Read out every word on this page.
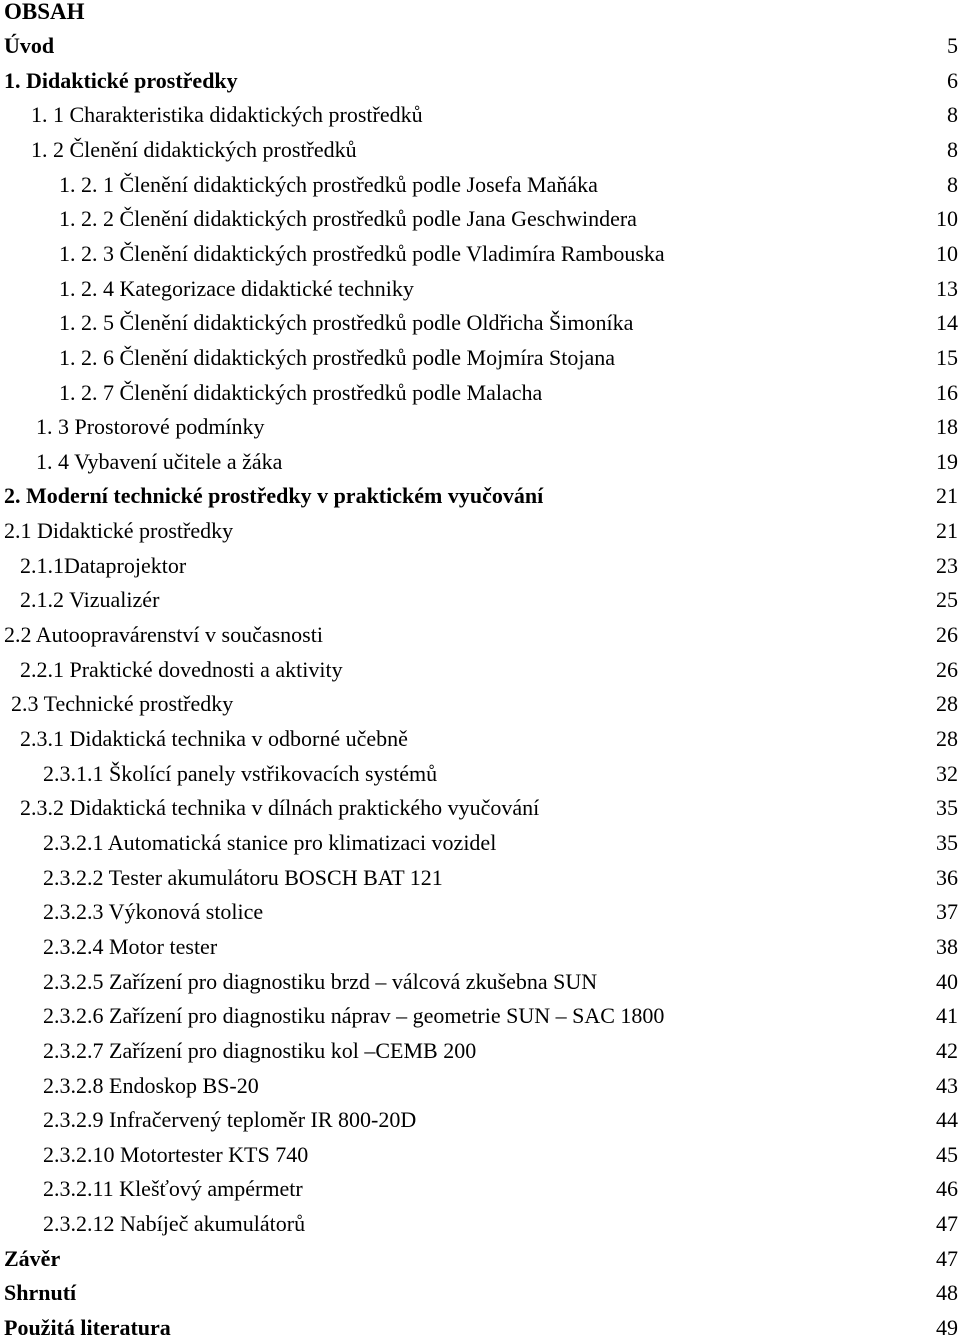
OBSAH
Úvod	5
1. Didaktické prostředky	6
1. 1 Charakteristika didaktických prostředků	8
1. 2 Členění didaktických prostředků	8
1. 2. 1 Členění didaktických prostředků podle Josefa Maňáka	8
1. 2. 2 Členění didaktických prostředků podle Jana Geschwindera	10
1. 2. 3 Členění didaktických prostředků podle Vladimíra Rambouska	10
1. 2. 4 Kategorizace didaktické techniky	13
1. 2. 5 Členění didaktických prostředků podle Oldřicha Šimoníka	14
1. 2. 6 Členění didaktických prostředků podle Mojmíra Stojana	15
1. 2. 7 Členění didaktických prostředků podle Malacha	16
1. 3 Prostorové podmínky	18
1. 4 Vybavení učitele a žáka	19
2. Moderní technické prostředky v praktickém vyučování	21
2.1 Didaktické prostředky	21
2.1.1Dataprojektor	23
2.1.2 Vizualizér	25
2.2 Autoopravárenství v současnosti	26
2.2.1 Praktické dovednosti a aktivity	26
2.3 Technické prostředky	28
2.3.1 Didaktická technika v odborné učebně	28
2.3.1.1 Školící panely vstřikovacích systémů	32
2.3.2 Didaktická technika v dílnách praktického vyučování	35
2.3.2.1 Automatická stanice pro klimatizaci vozidel	35
2.3.2.2 Tester akumulátoru BOSCH BAT 121	36
2.3.2.3 Výkonová stolice	37
2.3.2.4 Motor tester	38
2.3.2.5 Zařízení pro diagnostiku brzd – válcová zkušebna SUN	40
2.3.2.6 Zařízení pro diagnostiku náprav – geometrie SUN – SAC 1800	41
2.3.2.7 Zařízení pro diagnostiku kol –CEMB 200	42
2.3.2.8 Endoskop BS-20	43
2.3.2.9 Infračervený teploměr IR 800-20D	44
2.3.2.10 Motortester KTS 740	45
2.3.2.11 Klešťový ampérmetr	46
2.3.2.12 Nabíječ akumulátorů	47
Závěr	47
Shrnutí	48
Použitá literatura	49
